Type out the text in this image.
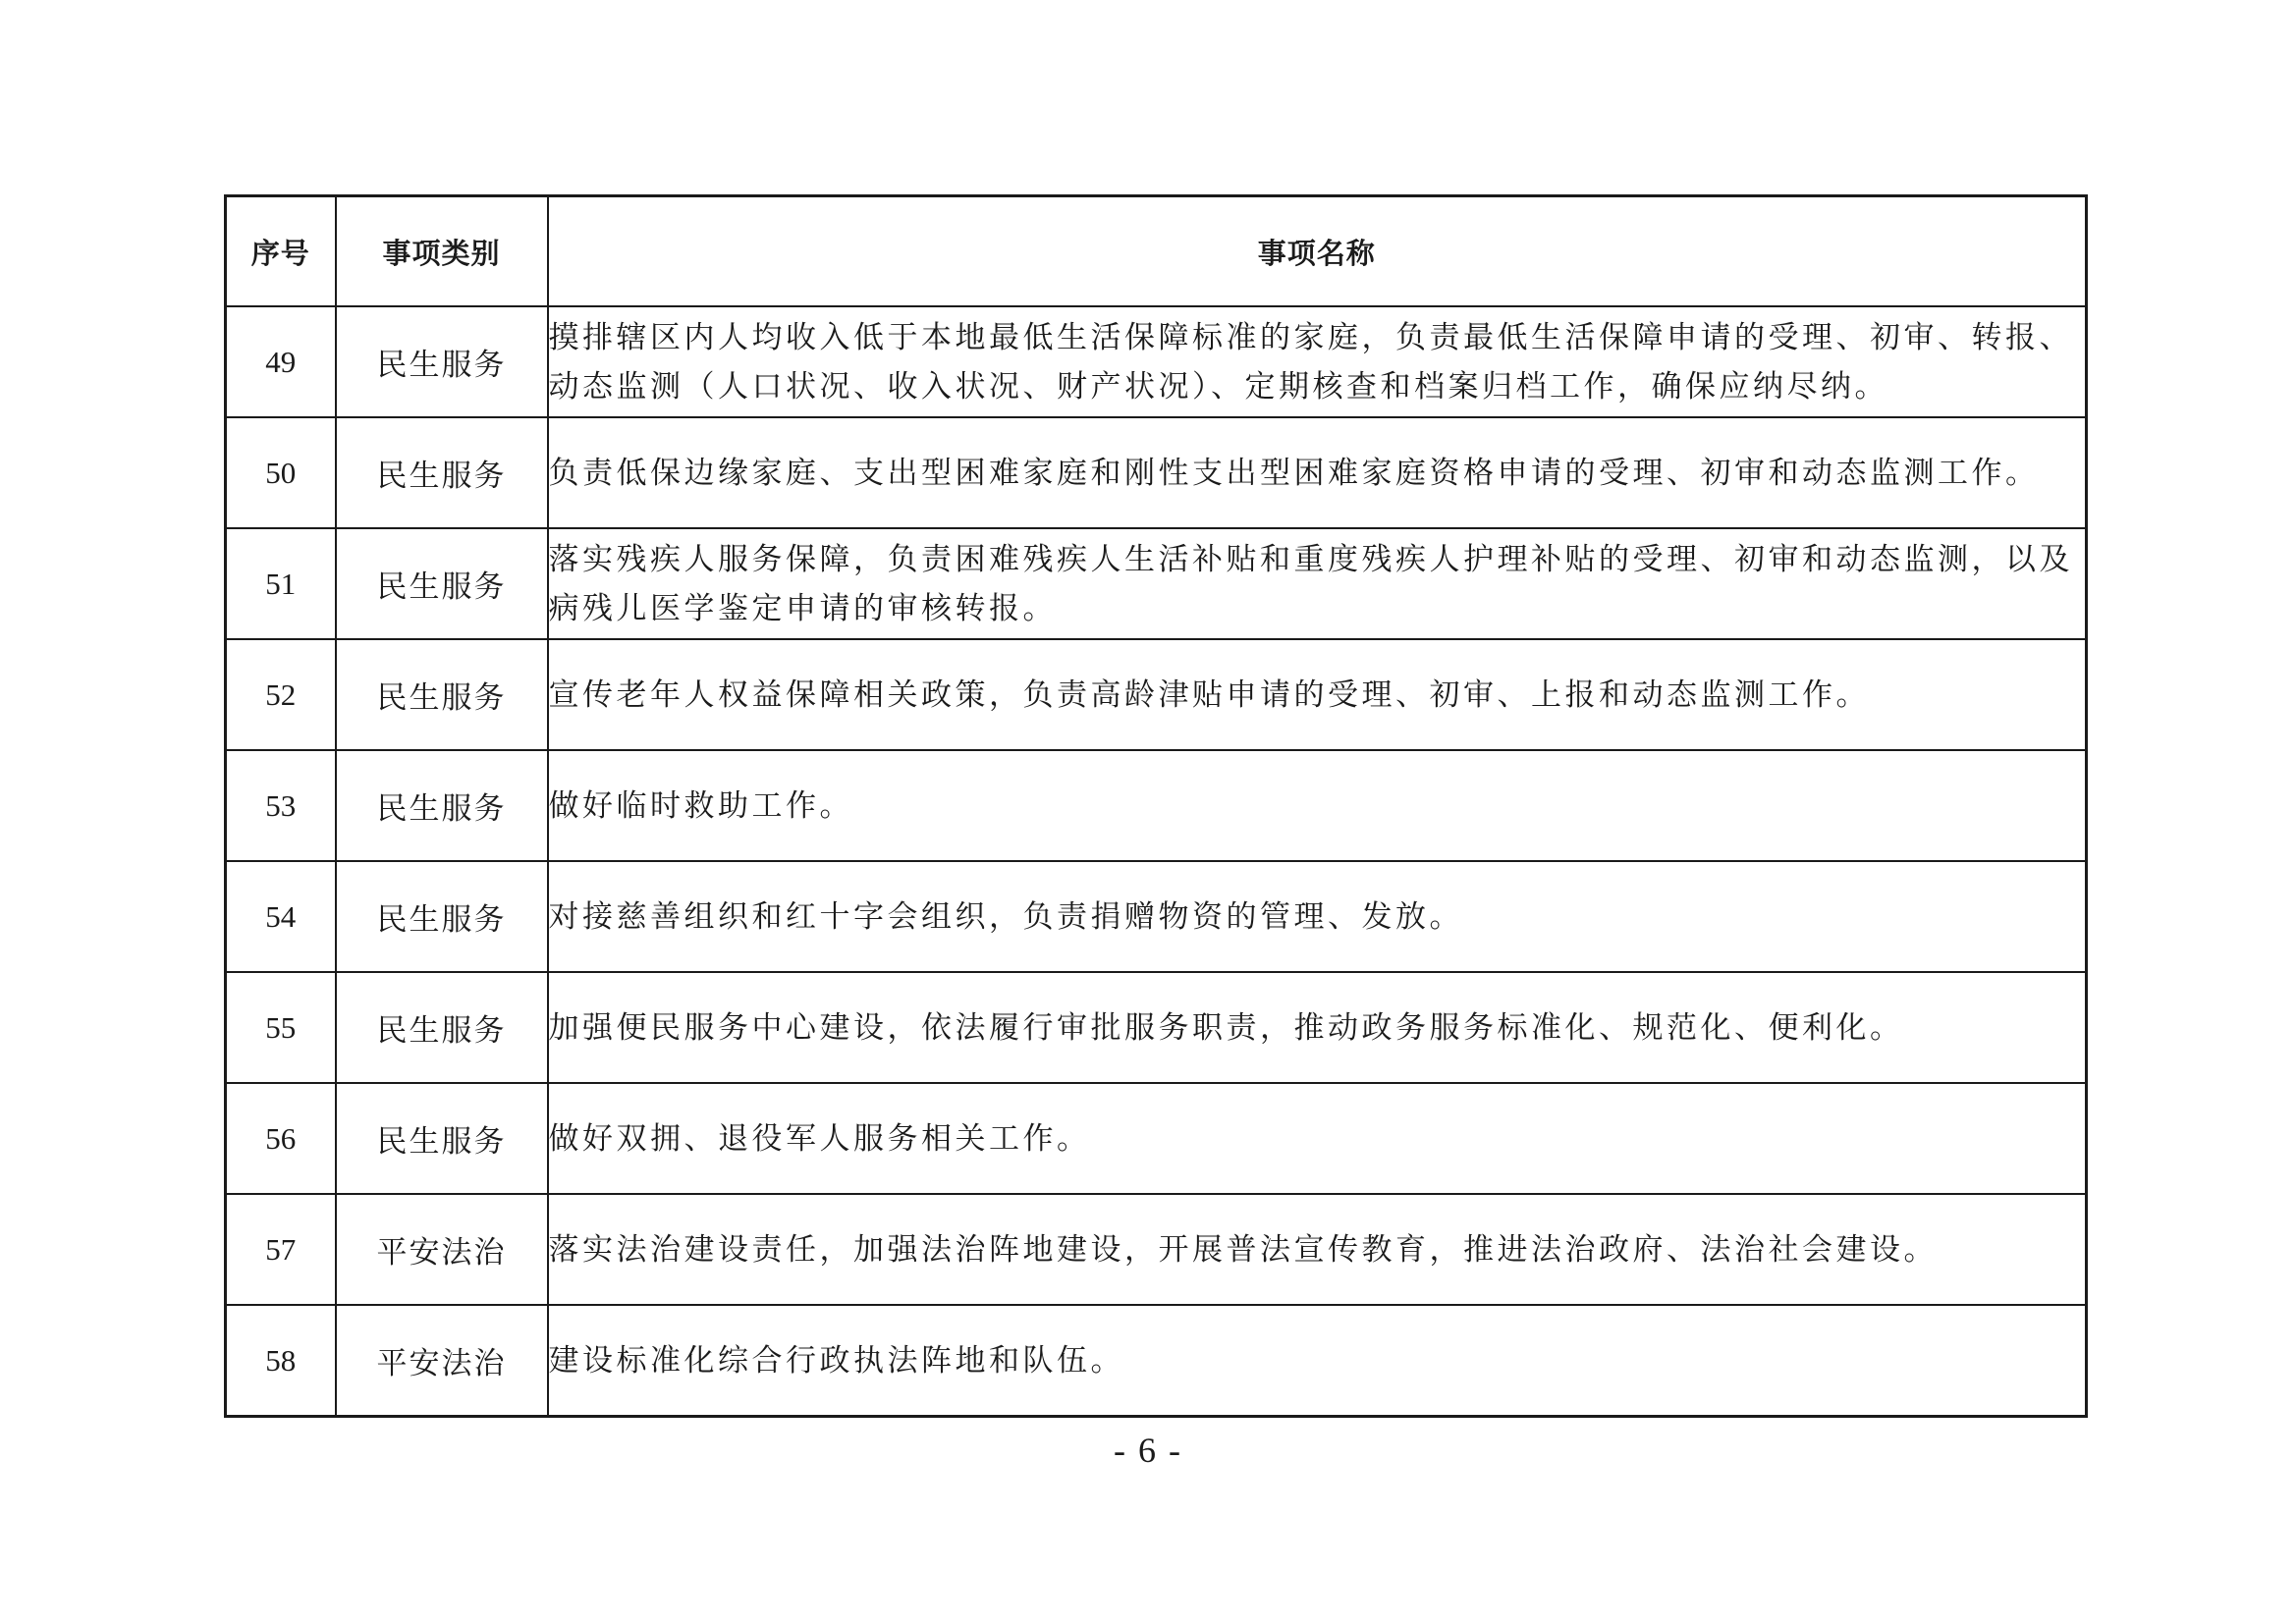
序号	事项类别	事项名称
49	民生服务	摸排辖区内人均收入低于本地最低生活保障标准的家庭，负责最低生活保障申请的受理、初审、转报、动态监测（人口状况、收入状况、财产状况）、定期核查和档案归档工作，确保应纳尽纳。
50	民生服务	负责低保边缘家庭、支出型困难家庭和刚性支出型困难家庭资格申请的受理、初审和动态监测工作。
51	民生服务	落实残疾人服务保障，负责困难残疾人生活补贴和重度残疾人护理补贴的受理、初审和动态监测，以及病残儿医学鉴定申请的审核转报。
52	民生服务	宣传老年人权益保障相关政策，负责高龄津贴申请的受理、初审、上报和动态监测工作。
53	民生服务	做好临时救助工作。
54	民生服务	对接慈善组织和红十字会组织，负责捐赠物资的管理、发放。
55	民生服务	加强便民服务中心建设，依法履行审批服务职责，推动政务服务标准化、规范化、便利化。
56	民生服务	做好双拥、退役军人服务相关工作。
57	平安法治	落实法治建设责任，加强法治阵地建设，开展普法宣传教育，推进法治政府、法治社会建设。
58	平安法治	建设标准化综合行政执法阵地和队伍。
- 6 -
